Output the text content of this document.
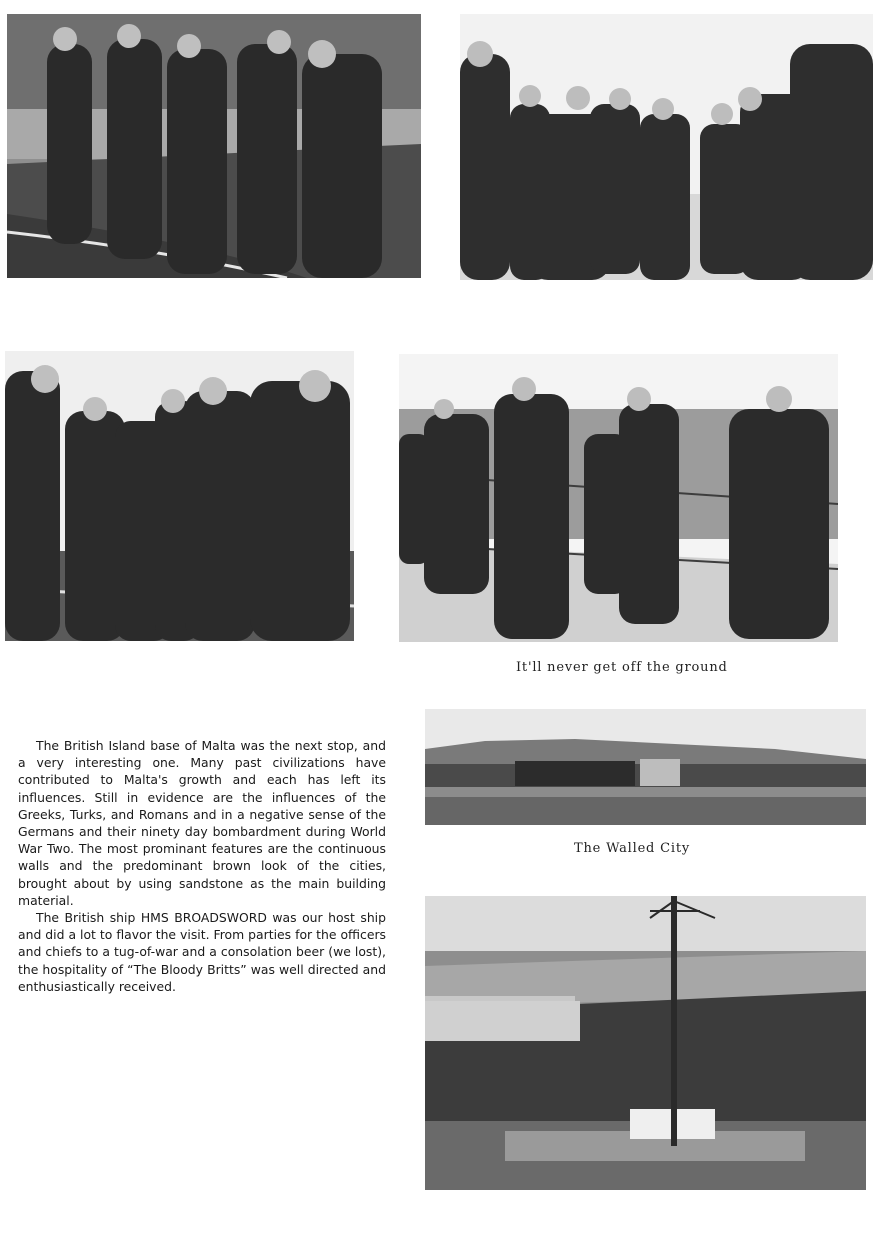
It'll never get off the ground
The Walled City

The British Island base of Malta was the next stop, and a very interesting one. Many past civilizations have contributed to Malta's growth and each has left its influences. Still in evidence are the influences of the Greeks, Turks, and Romans and in a negative sense of the Germans and their ninety day bombardment during World War Two. The most prominant features are the continuous walls and the predominant brown look of the cities, brought about by using sandstone as the main building material.

The British ship HMS BROADSWORD was our host ship and did a lot to flavor the visit. From parties for the officers and chiefs to a tug-of-war and a consolation beer (we lost), the hospitality of “The Bloody Britts” was well directed and enthusiastically received.
